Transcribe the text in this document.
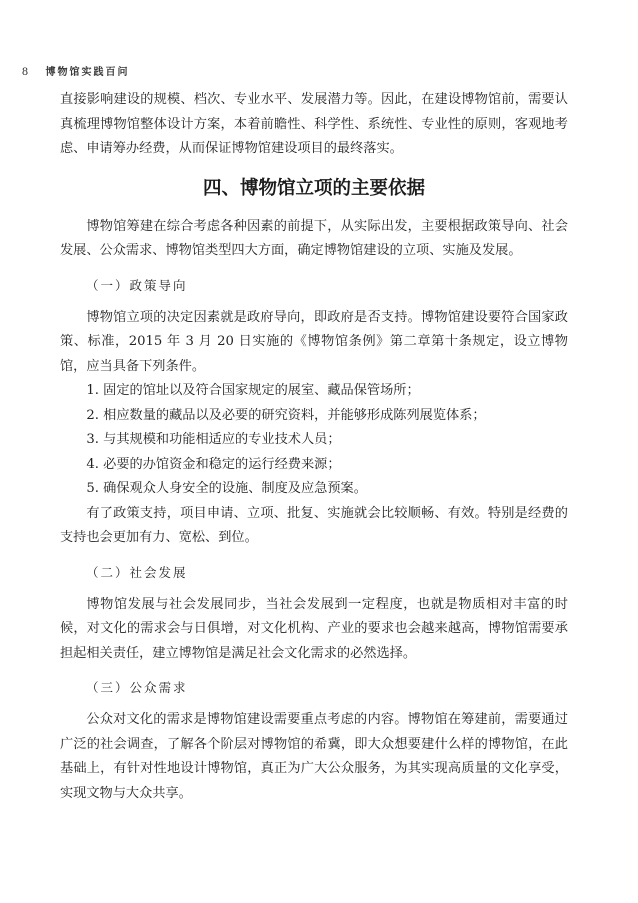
8 博物馆实践百问

直接影响建设的规模、档次、专业水平、发展潜力等。因此，在建设博物馆前，需要认真梳理博物馆整体设计方案，本着前瞻性、科学性、系统性、专业性的原则，客观地考虑、申请筹办经费，从而保证博物馆建设项目的最终落实。

四、博物馆立项的主要依据

博物馆筹建在综合考虑各种因素的前提下，从实际出发，主要根据政策导向、社会发展、公众需求、博物馆类型四大方面，确定博物馆建设的立项、实施及发展。

（一）政策导向

博物馆立项的决定因素就是政府导向，即政府是否支持。博物馆建设要符合国家政策、标准，2015 年 3 月 20 日实施的《博物馆条例》第二章第十条规定，设立博物馆，应当具备下列条件。

1. 固定的馆址以及符合国家规定的展室、藏品保管场所；

2. 相应数量的藏品以及必要的研究资料，并能够形成陈列展览体系；

3. 与其规模和功能相适应的专业技术人员；

4. 必要的办馆资金和稳定的运行经费来源；

5. 确保观众人身安全的设施、制度及应急预案。

有了政策支持，项目申请、立项、批复、实施就会比较顺畅、有效。特别是经费的支持也会更加有力、宽松、到位。

（二）社会发展

博物馆发展与社会发展同步，当社会发展到一定程度，也就是物质相对丰富的时候，对文化的需求会与日俱增，对文化机构、产业的要求也会越来越高，博物馆需要承担起相关责任，建立博物馆是满足社会文化需求的必然选择。

（三）公众需求

公众对文化的需求是博物馆建设需要重点考虑的内容。博物馆在筹建前，需要通过广泛的社会调查，了解各个阶层对博物馆的希冀，即大众想要建什么样的博物馆，在此基础上，有针对性地设计博物馆，真正为广大公众服务，为其实现高质量的文化享受，实现文物与大众共享。
